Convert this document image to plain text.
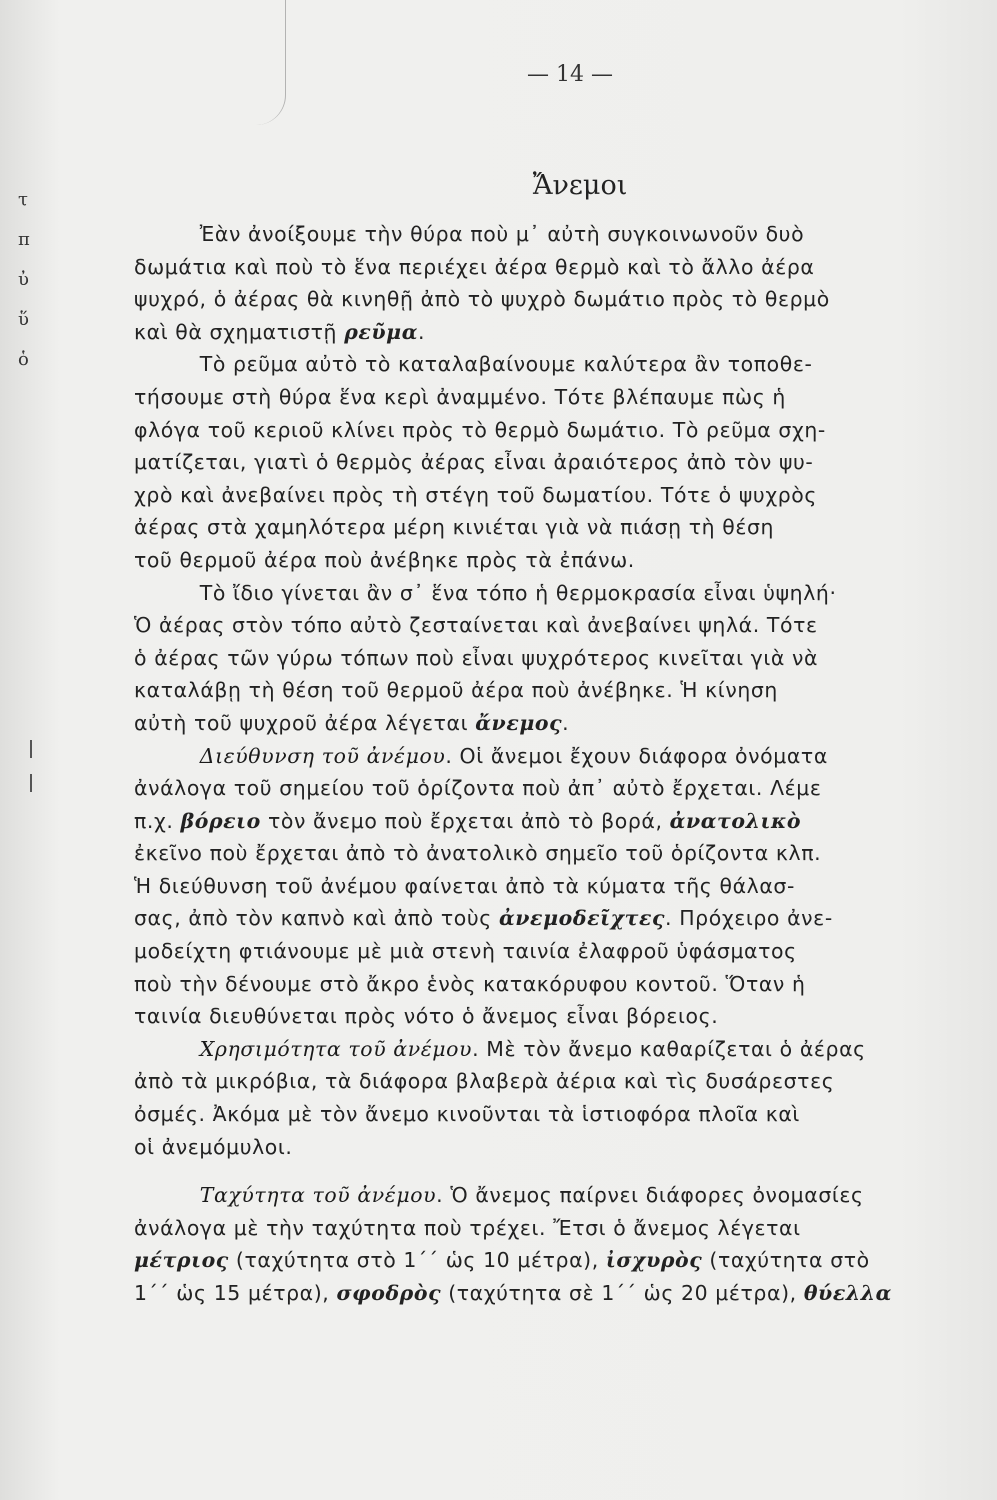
— 14 —
Ἄνεμοι
τ
π
ὐ
ὕ
ὁ
Ἐὰν ἀνοίξουμε τὴν θύρα ποὺ μ᾿ αὐτὴ συγκοινωνοῦν δυὸ
δωμάτια καὶ ποὺ τὸ ἕνα περιέχει ἀέρα θερμὸ καὶ τὸ ἄλλο ἀέρα
ψυχρό, ὁ ἀέρας θὰ κινηθῇ ἀπὸ τὸ ψυχρὸ δωμάτιο πρὸς τὸ θερμὸ
καὶ θὰ σχηματιστῇ ρεῦμα.
Τὸ ρεῦμα αὐτὸ τὸ καταλαβαίνουμε καλύτερα ἂν τοποθε-
τήσουμε στὴ θύρα ἕνα κερὶ ἀναμμένο. Τότε βλέπαυμε πὼς ἡ
φλόγα τοῦ κεριοῦ κλίνει πρὸς τὸ θερμὸ δωμάτιο. Τὸ ρεῦμα σχη-
ματίζεται, γιατὶ ὁ θερμὸς ἀέρας εἶναι ἀραιότερος ἀπὸ τὸν ψυ-
χρὸ καὶ ἀνεβαίνει πρὸς τὴ στέγη τοῦ δωματίου. Τότε ὁ ψυχρὸς
ἀέρας στὰ χαμηλότερα μέρη κινιέται γιὰ νὰ πιάσῃ τὴ θέση
τοῦ θερμοῦ ἀέρα ποὺ ἀνέβηκε πρὸς τὰ ἐπάνω.
Τὸ ἴδιο γίνεται ἂν σ᾿ ἕνα τόπο ἡ θερμοκρασία εἶναι ὑψηλή·
Ὁ ἀέρας στὸν τόπο αὐτὸ ζεσταίνεται καὶ ἀνεβαίνει ψηλά. Τότε
ὁ ἀέρας τῶν γύρω τόπων ποὺ εἶναι ψυχρότερος κινεῖται γιὰ νὰ
καταλάβῃ τὴ θέση τοῦ θερμοῦ ἀέρα ποὺ ἀνέβηκε. Ἡ κίνηση
αὐτὴ τοῦ ψυχροῦ ἀέρα λέγεται ἄνεμος.
Διεύθυνση τοῦ ἀνέμου. Οἱ ἄνεμοι ἔχουν διάφορα ὀνόματα
ἀνάλογα τοῦ σημείου τοῦ ὁρίζοντα ποὺ ἀπ᾿ αὐτὸ ἔρχεται. Λέμε
π.χ. βόρειο τὸν ἄνεμο ποὺ ἔρχεται ἀπὸ τὸ βορά, ἀνατολικὸ
ἐκεῖνο ποὺ ἔρχεται ἀπὸ τὸ ἀνατολικὸ σημεῖο τοῦ ὁρίζοντα κλπ.
Ἡ διεύθυνση τοῦ ἀνέμου φαίνεται ἀπὸ τὰ κύματα τῆς θάλασ-
σας, ἀπὸ τὸν καπνὸ καὶ ἀπὸ τοὺς ἀνεμοδεῖχτες. Πρόχειρο ἀνε-
μοδείχτη φτιάνουμε μὲ μιὰ στενὴ ταινία ἐλαφροῦ ὑφάσματος
ποὺ τὴν δένουμε στὸ ἄκρο ἑνὸς κατακόρυφου κοντοῦ. Ὅταν ἡ
ταινία διευθύνεται πρὸς νότο ὁ ἄνεμος εἶναι βόρειος.
Χρησιμότητα τοῦ ἀνέμου. Μὲ τὸν ἄνεμο καθαρίζεται ὁ ἀέρας
ἀπὸ τὰ μικρόβια, τὰ διάφορα βλαβερὰ ἀέρια καὶ τὶς δυσάρεστες
ὀσμές. Ἀκόμα μὲ τὸν ἄνεμο κινοῦνται τὰ ἱστιοφόρα πλοῖα καὶ
οἱ ἀνεμόμυλοι.
Ταχύτητα τοῦ ἀνέμου. Ὁ ἄνεμος παίρνει διάφορες ὀνομασίες
ἀνάλογα μὲ τὴν ταχύτητα ποὺ τρέχει. Ἔτσι ὁ ἄνεμος λέγεται
μέτριος (ταχύτητα στὸ 1΄΄ ὡς 10 μέτρα), ἰσχυρὸς (ταχύτητα στὸ
1΄΄ ὡς 15 μέτρα), σφοδρὸς (ταχύτητα σὲ 1΄΄ ὡς 20 μέτρα), θύελλα
